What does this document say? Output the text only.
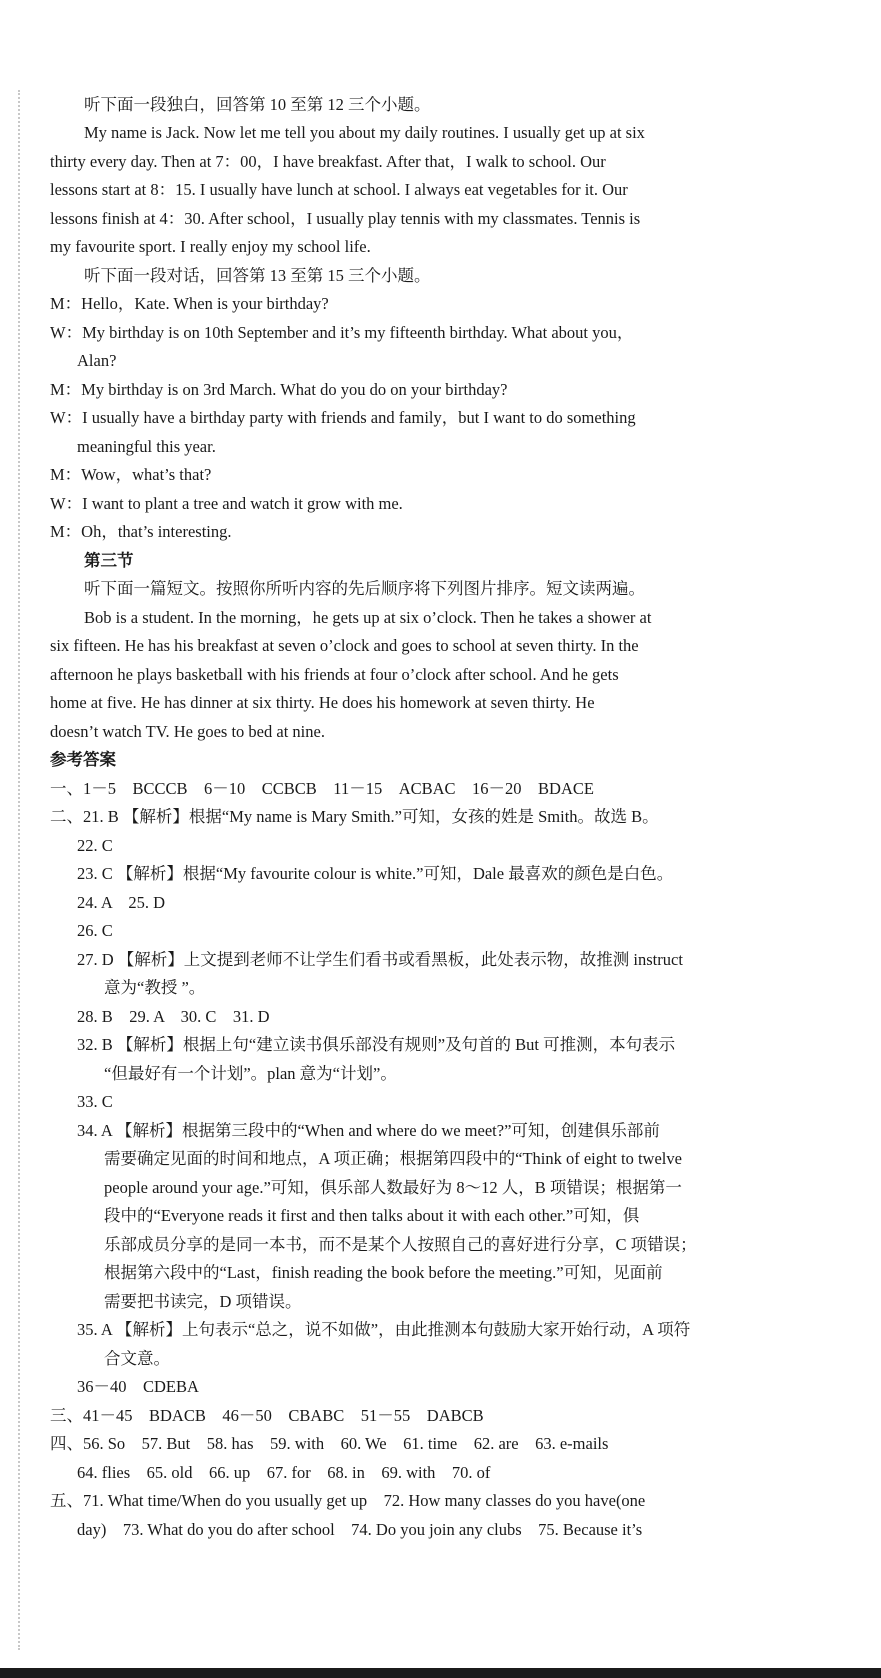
听下面一段独白，回答第 10 至第 12 三个小题。
My name is Jack. Now let me tell you about my daily routines. I usually get up at six
thirty every day. Then at 7：00，I have breakfast. After that，I walk to school. Our
lessons start at 8：15. I usually have lunch at school. I always eat vegetables for it. Our
lessons finish at 4：30. After school，I usually play tennis with my classmates. Tennis is
my favourite sport. I really enjoy my school life.
听下面一段对话，回答第 13 至第 15 三个小题。
M：Hello，Kate. When is your birthday?
W：My birthday is on 10th September and it’s my fifteenth birthday. What about you，
Alan?
M：My birthday is on 3rd March. What do you do on your birthday?
W：I usually have a birthday party with friends and family，but I want to do something
meaningful this year.
M：Wow，what’s that?
W：I want to plant a tree and watch it grow with me.
M：Oh，that’s interesting.
第三节
听下面一篇短文。按照你所听内容的先后顺序将下列图片排序。短文读两遍。
Bob is a student. In the morning，he gets up at six o’clock. Then he takes a shower at
six fifteen. He has his breakfast at seven o’clock and goes to school at seven thirty. In the
afternoon he plays basketball with his friends at four o’clock after school. And he gets
home at five. He has dinner at six thirty. He does his homework at seven thirty. He
doesn’t watch TV. He goes to bed at nine.
参考答案
一、1－5　BCCCB　6－10　CCBCB　11－15　ACBAC　16－20　BDACE
二、21. B 【解析】根据“My name is Mary Smith.”可知，女孩的姓是 Smith。故选 B。
22. C
23. C 【解析】根据“My favourite colour is white.”可知，Dale 最喜欢的颜色是白色。
24. A　25. D
26. C
27. D 【解析】上文提到老师不让学生们看书或看黑板，此处表示物，故推测 instruct
意为“教授 ”。
28. B　29. A　30. C　31. D
32. B 【解析】根据上句“建立读书俱乐部没有规则”及句首的 But 可推测，本句表示
“但最好有一个计划”。plan 意为“计划”。
33. C
34. A 【解析】根据第三段中的“When and where do we meet?”可知，创建俱乐部前
需要确定见面的时间和地点，A 项正确；根据第四段中的“Think of eight to twelve
people around your age.”可知，俱乐部人数最好为 8～12 人，B 项错误；根据第一
段中的“Everyone reads it first and then talks about it with each other.”可知，俱
乐部成员分享的是同一本书，而不是某个人按照自己的喜好进行分享，C 项错误；
根据第六段中的“Last，finish reading the book before the meeting.”可知，见面前
需要把书读完，D 项错误。
35. A 【解析】上句表示“总之，说不如做”，由此推测本句鼓励大家开始行动，A 项符
合文意。
36－40　CDEBA
三、41－45　BDACB　46－50　CBABC　51－55　DABCB
四、56. So　57. But　58. has　59. with　60. We　61. time　62. are　63. e-mails
64. flies　65. old　66. up　67. for　68. in　69. with　70. of
五、71. What time/When do you usually get up　72. How many classes do you have(one
day)　73. What do you do after school　74. Do you join any clubs　75. Because it’s
